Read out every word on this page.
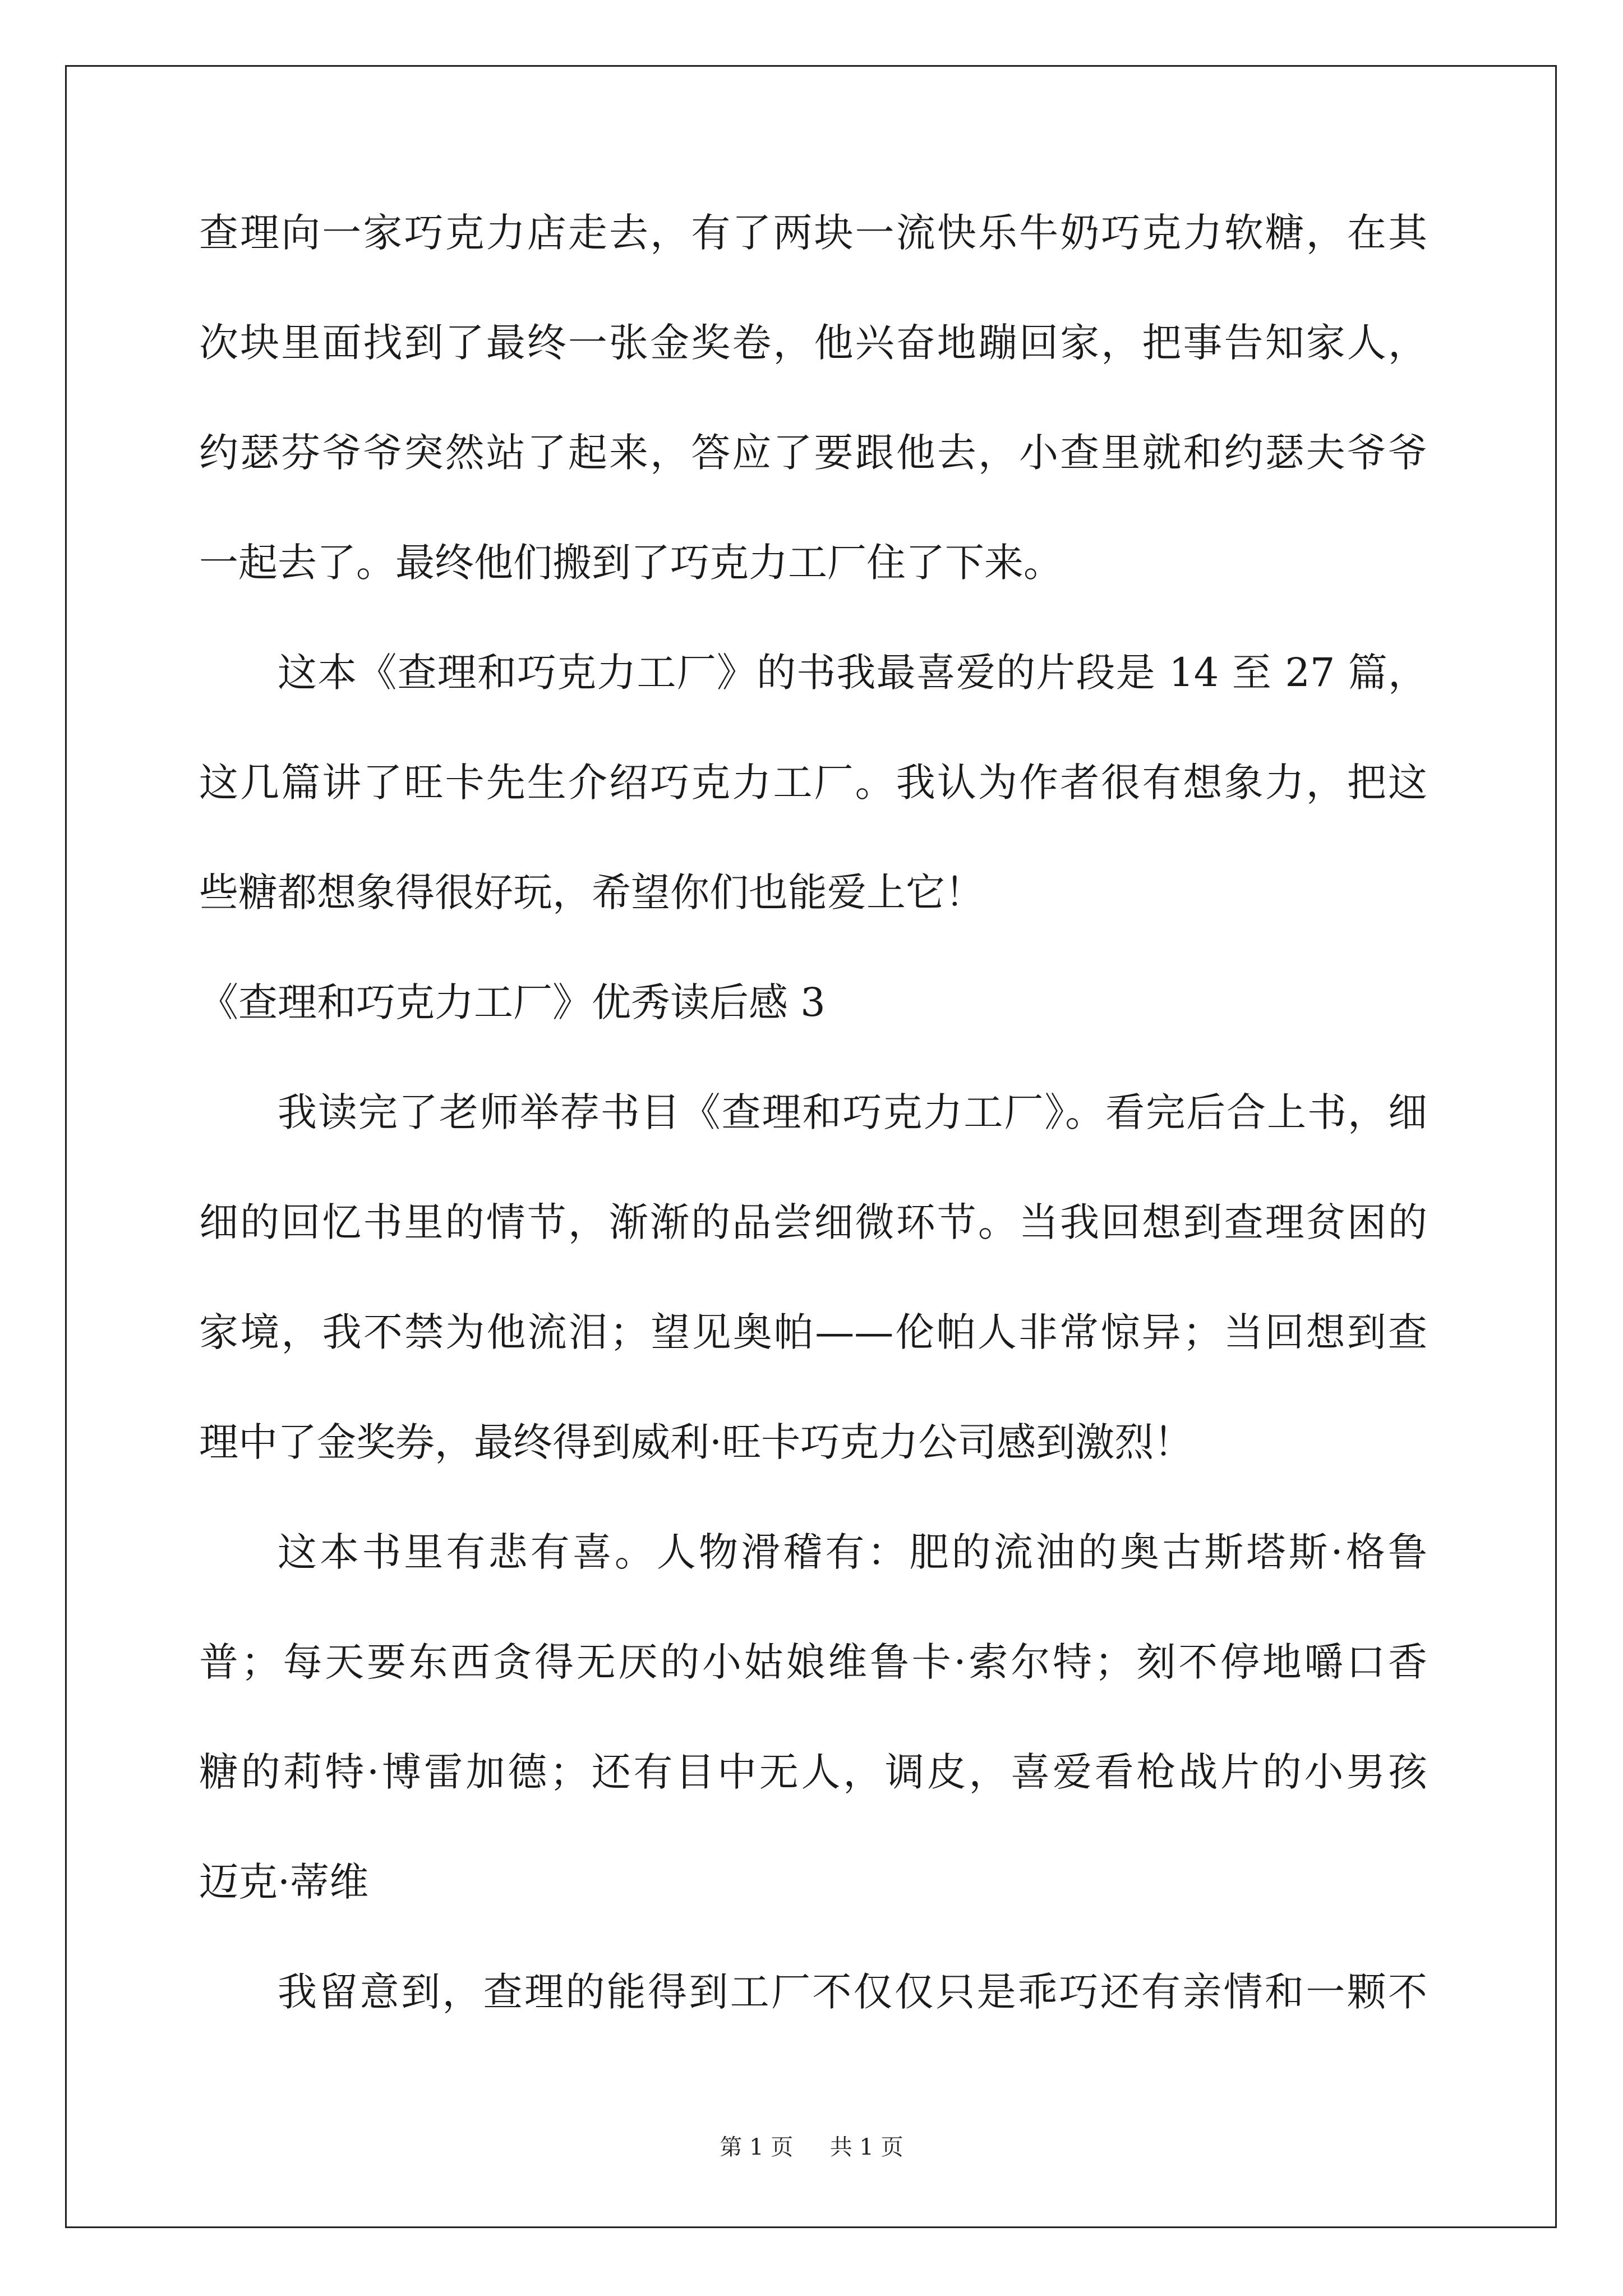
查理向一家巧克力店走去，有了两块一流快乐牛奶巧克力软糖，在其

次块里面找到了最终一张金奖卷，他兴奋地蹦回家，把事告知家人，

约瑟芬爷爷突然站了起来，答应了要跟他去，小查里就和约瑟夫爷爷

一起去了。最终他们搬到了巧克力工厂住了下来。

这本《查理和巧克力工厂》的书我最喜爱的片段是 14 至 27 篇，

这几篇讲了旺卡先生介绍巧克力工厂。我认为作者很有想象力，把这

些糖都想象得很好玩，希望你们也能爱上它！

《查理和巧克力工厂》优秀读后感 3

我读完了老师举荐书目《查理和巧克力工厂》。看完后合上书，细

细的回忆书里的情节，渐渐的品尝细微环节。当我回想到查理贫困的

家境，我不禁为他流泪；望见奥帕——伦帕人非常惊异；当回想到查

理中了金奖券，最终得到威利·旺卡巧克力公司感到激烈！

这本书里有悲有喜。人物滑稽有：肥的流油的奥古斯塔斯·格鲁

普；每天要东西贪得无厌的小姑娘维鲁卡·索尔特；刻不停地嚼口香

糖的莉特·博雷加德；还有目中无人，调皮，喜爱看枪战片的小男孩

迈克·蒂维

我留意到，查理的能得到工厂不仅仅只是乖巧还有亲情和一颗不

第 1 页 共 1 页
